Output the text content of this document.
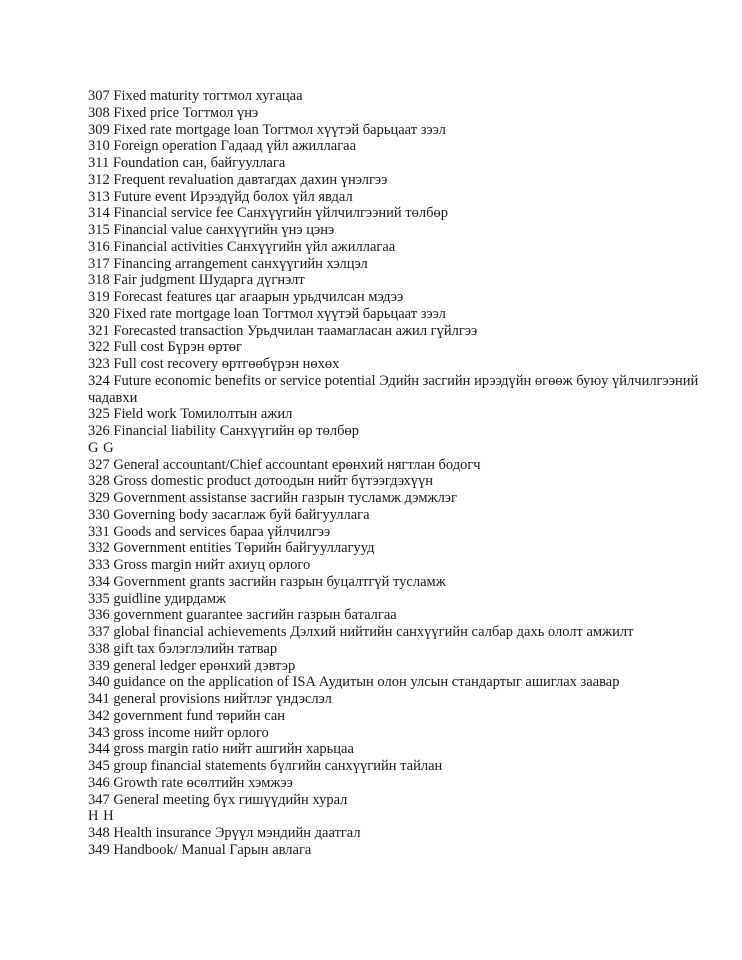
307 Fixed maturity тогтмол хугацаа
308 Fixed price Тогтмол үнэ
309 Fixed rate mortgage loan Тогтмол хүүтэй барьцаат зээл
310 Foreign operation Гадаад үйл ажиллагаа
311 Foundation сан, байгууллага
312 Frequent revaluation давтагдах дахин үнэлгээ
313 Future event Ирээдүйд болох үйл явдал
314 Financial service fee Санхүүгийн үйлчилгээний төлбөр
315 Financial value санхүүгийн үнэ цэнэ
316 Financial activities Санхүүгийн үйл ажиллагаа
317 Financing arrangement санхүүгийн хэлцэл
318 Fair judgment Шударга дүгнэлт
319 Forecast features цаг агаарын урьдчилсан мэдээ
320 Fixed rate mortgage loan Тогтмол хүүтэй барьцаат зээл
321 Forecasted transaction Урьдчилан таамагласан ажил гүйлгээ
322 Full cost Бүрэн өртөг
323 Full cost recovery өртгөөбүрэн нөхөх
324 Future economic benefits or service potential Эдийн засгийн ирээдүйн өгөөж буюу үйлчилгээний чадавхи
325 Field work Томилолтын ажил
326 Financial liability Санхүүгийн өр төлбөр
G G
327 General accountant/Chief accountant ерөнхий нягтлан бодогч
328 Gross domestic product дотоодын нийт бүтээгдэхүүн
329 Government assistanse засгийн газрын тусламж дэмжлэг
330 Governing body засаглаж буй байгууллага
331 Goods and services бараа үйлчилгээ
332 Government entities Төрийн байгууллагууд
333 Gross margin нийт ахиуц орлого
334 Government grants засгийн газрын буцалтгүй тусламж
335 guidline удирдамж
336 government guarantee засгийн газрын баталгаа
337 global financial achievements Дэлхий нийтийн санхүүгийн салбар дахь ололт амжилт
338 gift tax бэлэглэлийн татвар
339 general ledger ерөнхий дэвтэр
340 guidance on the application of ISA Аудитын олон улсын стандартыг ашиглах заавар
341 general provisions нийтлэг үндэслэл
342 government fund төрийн сан
343 gross income нийт орлого
344 gross margin ratio нийт ашгийн харьцаа
345 group financial statements бүлгийн санхүүгийн тайлан
346 Growth rate өсөлтийн хэмжээ
347 General meeting бүх гишүүдийн хурал
H H
348 Health insurance Эрүүл мэндийн даатгал
349 Handbook/ Manual Гарын авлага
